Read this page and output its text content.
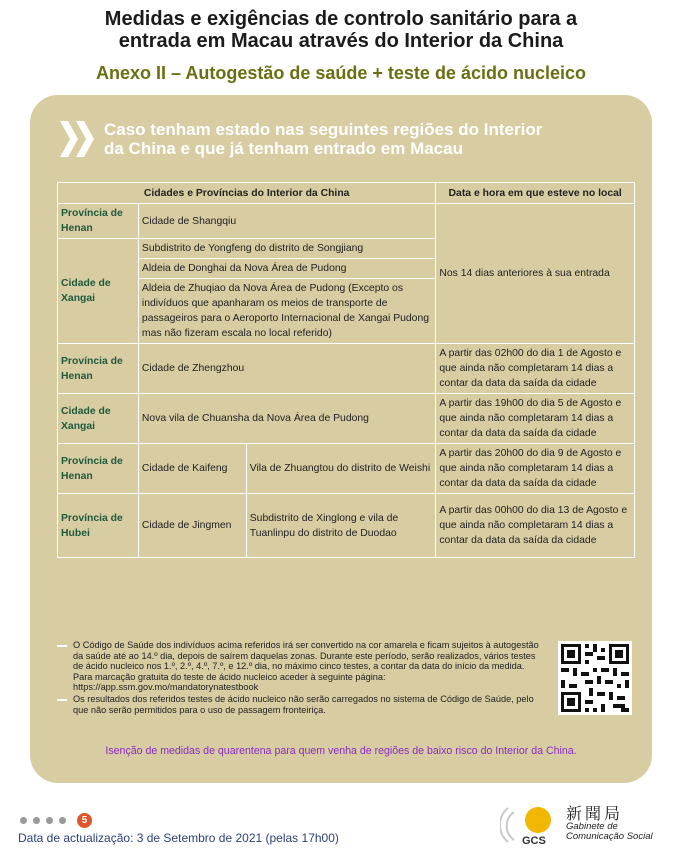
Medidas e exigências de controlo sanitário para a
entrada em Macau através do Interior da China
Anexo II – Autogestão de saúde + teste de ácido nucleico
Caso tenham estado nas seguintes regiões do Interior
da China e que já tenham entrado em Macau
Cidades e Províncias do Interior da China			Data e hora em que esteve no local
Província de Henan	Cidade de Shangqiu		Nos 14 dias anteriores à sua entrada
Cidade de Xangai	Subdistrito de Yongfeng do distrito de Songjiang		
	Aldeia de Donghai da Nova Área de Pudong		
	Aldeia de Zhuqiao da Nova Área de Pudong (Excepto os indivíduos que apanharam os meios de transporte de passageiros para o Aeroporto Internacional de Xangai Pudong mas não fizeram escala no local referido)		
Província de Henan	Cidade de Zhengzhou		A partir das 02h00 do dia 1 de Agosto e que ainda não completaram 14 dias a contar da data da saída da cidade
Cidade de Xangai	Nova vila de Chuansha da Nova Área de Pudong		A partir das 19h00 do dia 5 de Agosto e que ainda não completaram 14 dias a contar da data da saída da cidade
Província de Henan	Cidade de Kaifeng	Vila de Zhuangtou do distrito de Weishi	A partir das 20h00 do dia 9 de Agosto e que ainda não completaram 14 dias a contar da data da saída da cidade
Província de Hubei	Cidade de Jingmen	Subdistrito de Xinglong e vila de Tuanlinpu do distrito de Duodao	A partir das 00h00 do dia 13 de Agosto e que ainda não completaram 14 dias a contar da data da saída da cidade
O Código de Saúde dos indivíduos acima referidos irá ser convertido na cor amarela e ficam sujeitos à autogestão da saúde até ao 14.º dia, depois de saírem daquelas zonas. Durante este período, serão realizados, vários testes de ácido nucleico nos 1.º, 2.º, 4.º, 7.º, e 12.º dia, no máximo cinco testes, a contar da data do início da medida. Para marcação gratuita do teste de ácido nucleico aceder à seguinte página: https://app.ssm.gov.mo/mandatorynatestbook
Os resultados dos referidos testes de ácido nucleico não serão carregados no sistema de Código de Saúde, pelo que não serão permitidos para o uso de passagem fronteiriça.
Isenção de medidas de quarentena para quem venha de regiões de baixo risco do Interior da China.
5
Data de actualização: 3 de Setembro de 2021 (pelas 17h00)	GCS
新聞局
Gabinete de
Comunicação Social
